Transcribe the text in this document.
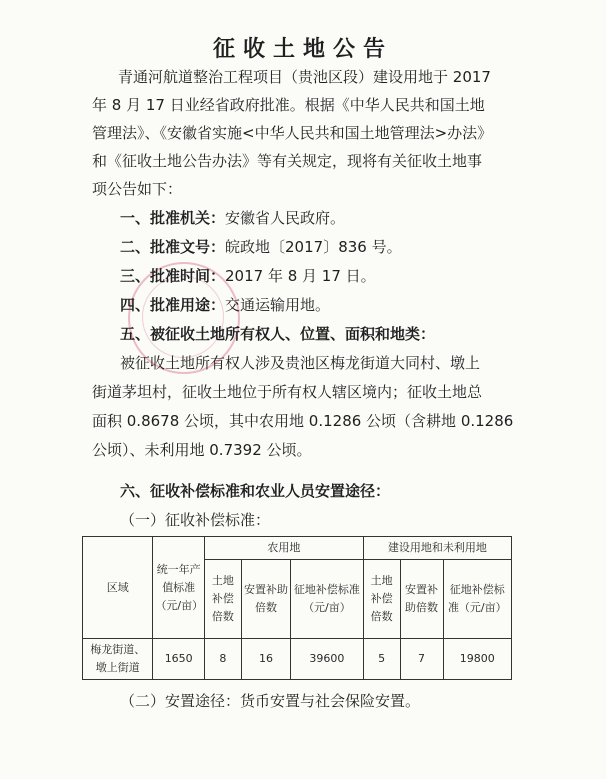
征收土地公告
青通河航道整治工程项目（贵池区段）建设用地于 2017
年 8 月 17 日业经省政府批准。根据《中华人民共和国土地
管理法》、《安徽省实施<中华人民共和国土地管理法>办法》
和《征收土地公告办法》等有关规定，现将有关征收土地事
项公告如下：
一、批准机关：安徽省人民政府。
二、批准文号：皖政地〔2017〕836 号。
三、批准时间：2017 年 8 月 17 日。
四、批准用途：交通运输用地。
五、被征收土地所有权人、位置、面积和地类：
被征收土地所有权人涉及贵池区梅龙街道大同村、墩上
街道茅坦村，征收土地位于所有权人辖区境内；征收土地总
面积 0.8678 公顷，其中农用地 0.1286 公顷（含耕地 0.1286
公顷）、未利用地 0.7392 公顷。
六、征收补偿标准和农业人员安置途径：
（一）征收补偿标准：
区域	统一年产值标准（元/亩）	农用地			建设用地和未利用地		
		土地补偿倍数	安置补助倍数	征地补偿标准（元/亩）	土地补偿倍数	安置补助倍数	征地补偿标准（元/亩）
梅龙街道、墩上街道	1650	8	16	39600	5	7	19800
（二）安置途径：货币安置与社会保险安置。
